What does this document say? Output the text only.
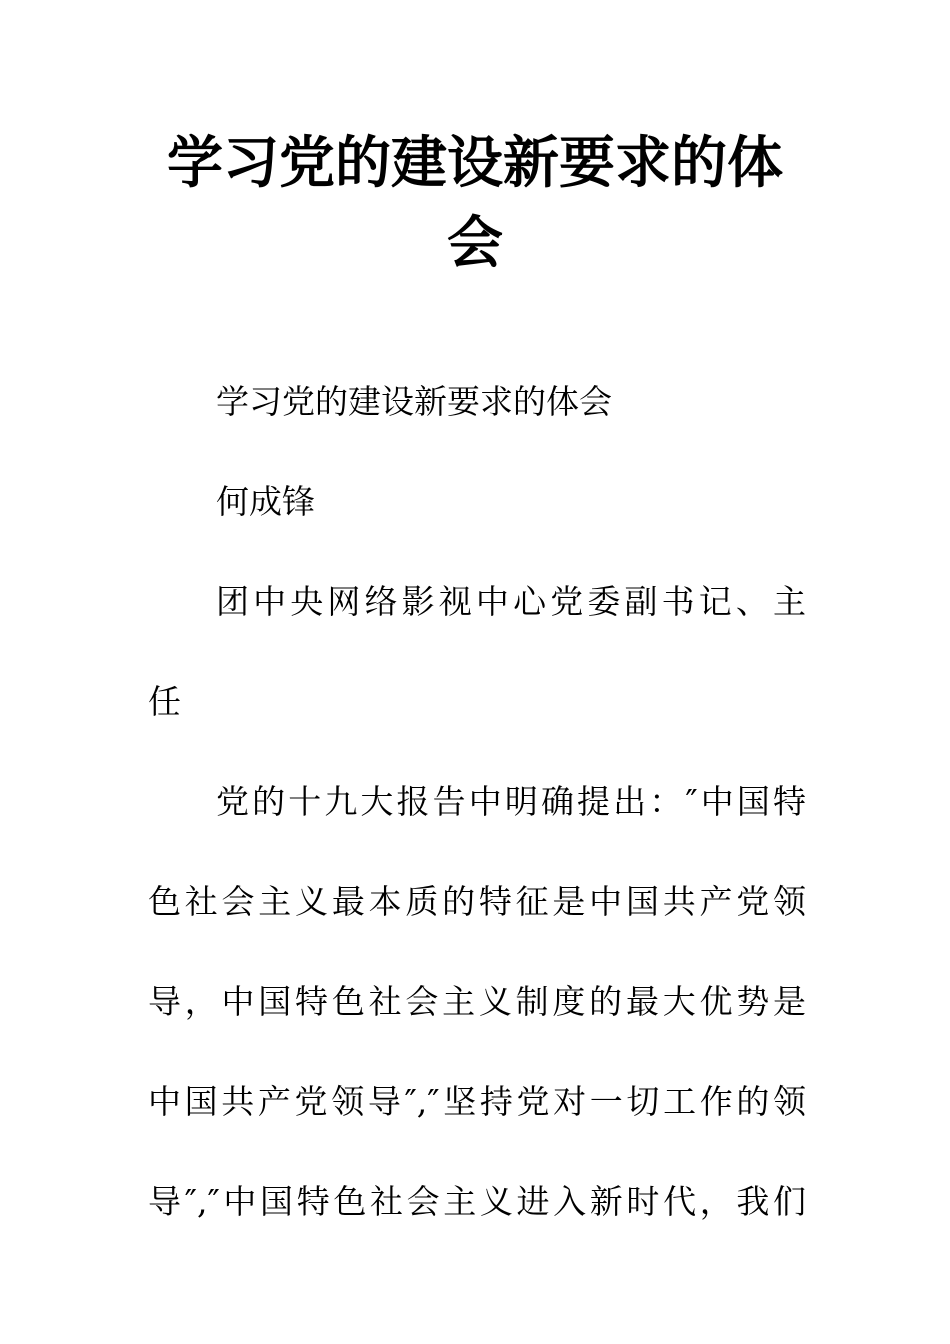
学习党的建设新要求的体
会

学习党的建设新要求的体会

何成锋

团中央网络影视中心党委副书记、主

任

党的十九大报告中明确提出：″中国特

色社会主义最本质的特征是中国共产党领

导，中国特色社会主义制度的最大优势是

中国共产党领导″,″坚持党对一切工作的领

导″,″中国特色社会主义进入新时代，我们
